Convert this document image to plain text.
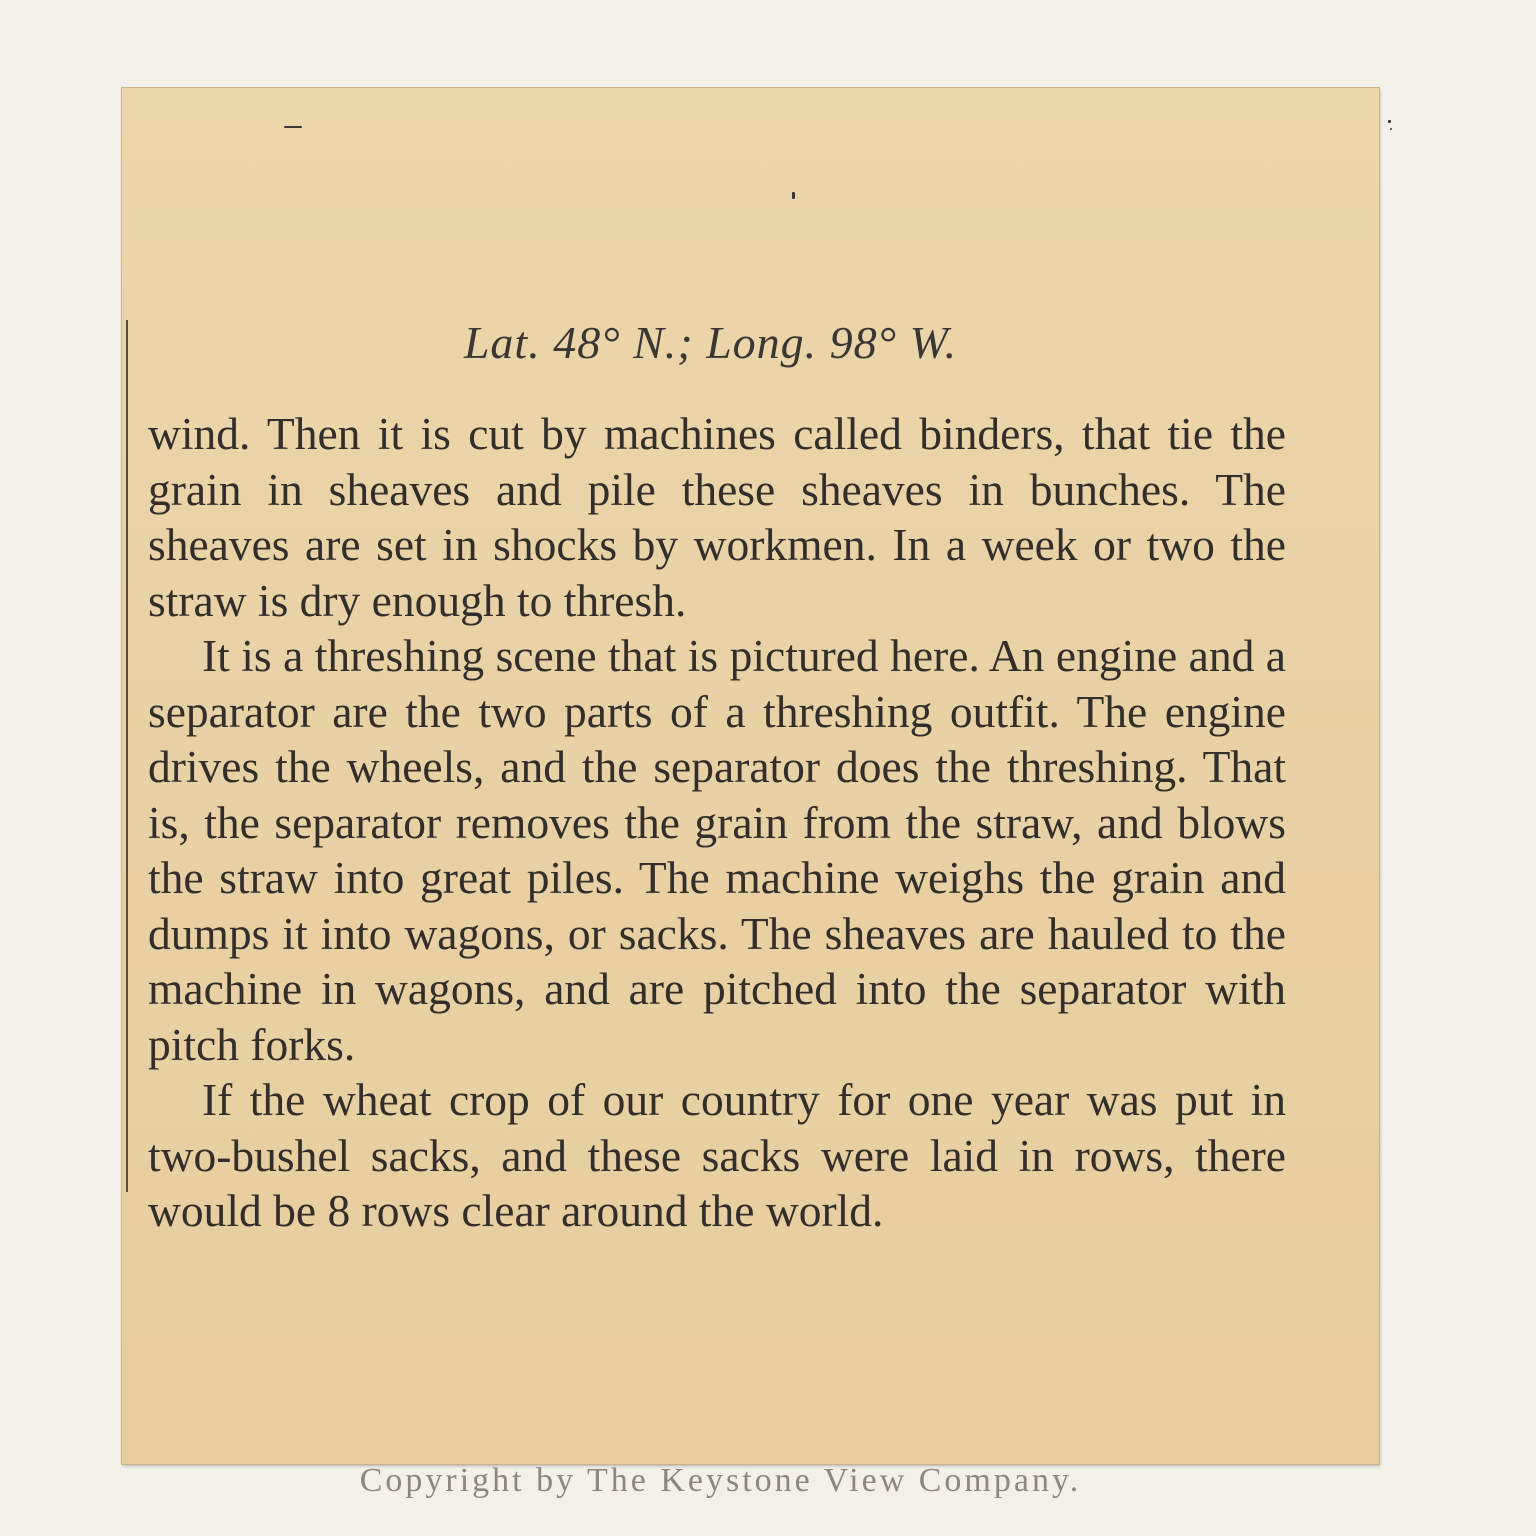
Lat. 48° N.; Long. 98° W.

wind. Then it is cut by machines called binders, that tie the grain in sheaves and pile these sheaves in bunches. The sheaves are set in shocks by workmen. In a week or two the straw is dry enough to thresh.

It is a threshing scene that is pictured here. An engine and a separator are the two parts of a threshing outfit. The engine drives the wheels, and the separator does the threshing. That is, the separator removes the grain from the straw, and blows the straw into great piles. The machine weighs the grain and dumps it into wagons, or sacks. The sheaves are hauled to the machine in wagons, and are pitched into the separator with pitch forks.

If the wheat crop of our country for one year was put in two-bushel sacks, and these sacks were laid in rows, there would be 8 rows clear around the world.

Copyright by The Keystone View Company.
